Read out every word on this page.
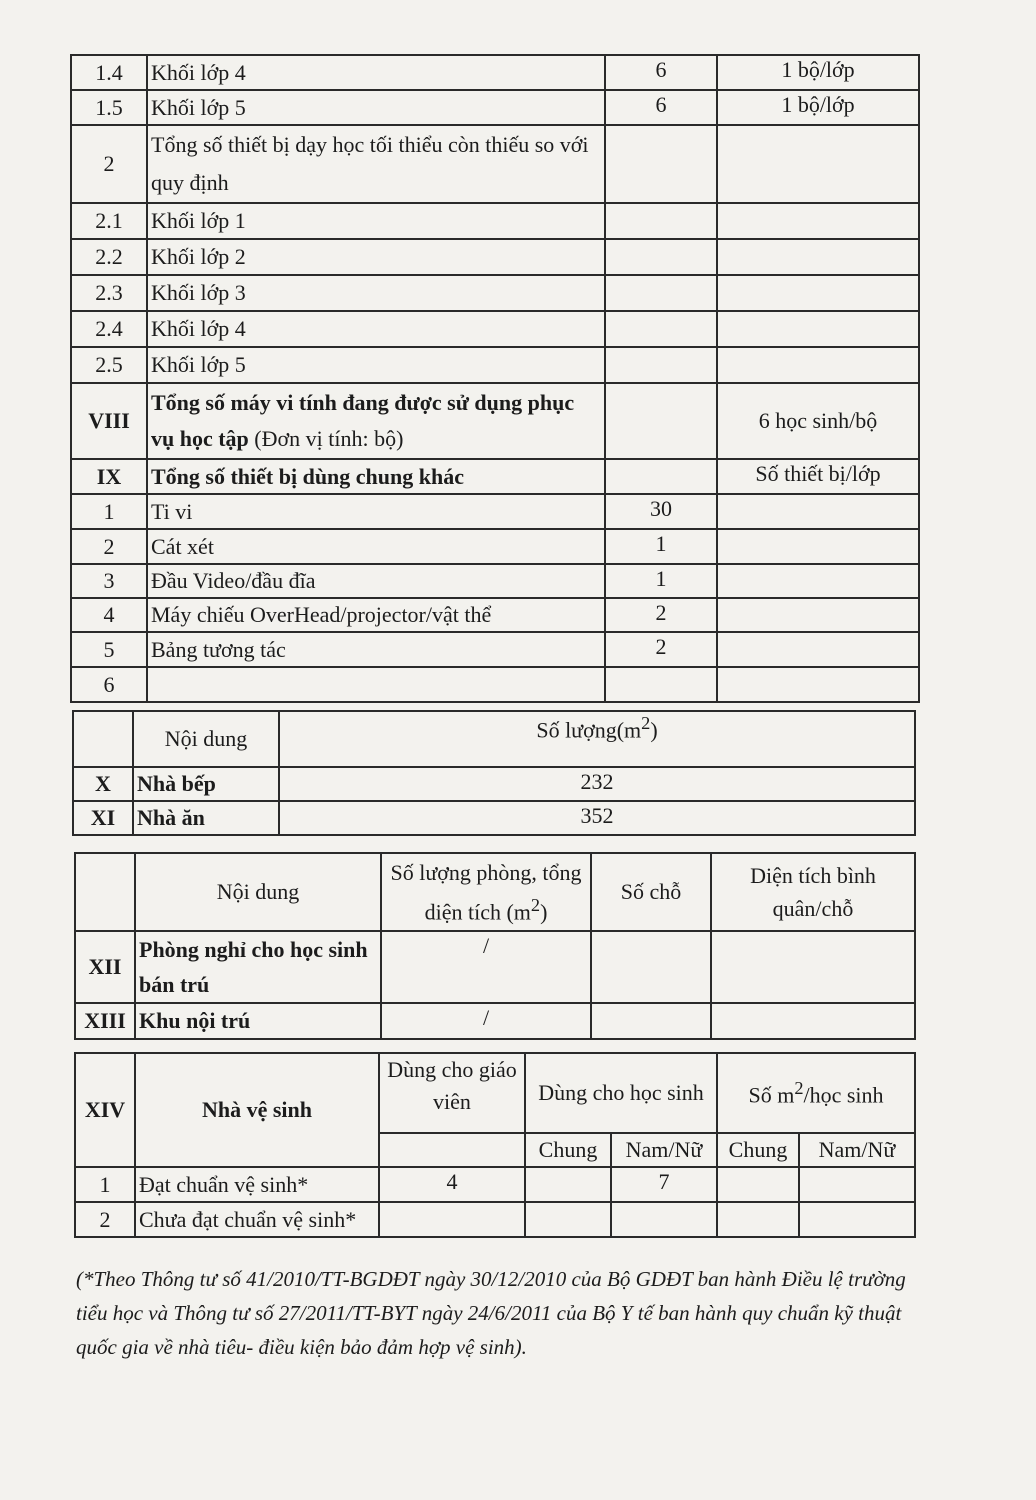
1.4	Khối lớp 4	6	1 bộ/lớp
1.5	Khối lớp 5	6	1 bộ/lớp
2	Tổng số thiết bị dạy học tối thiểu còn thiếu so với quy định		
2.1	Khối lớp 1		
2.2	Khối lớp 2		
2.3	Khối lớp 3		
2.4	Khối lớp 4		
2.5	Khối lớp 5		
VIII	Tổng số máy vi tính đang được sử dụng phục vụ học tập (Đơn vị tính: bộ)		6 học sinh/bộ
IX	Tổng số thiết bị dùng chung khác		Số thiết bị/lớp
1	Ti vi	30	
2	Cát xét	1	
3	Đầu Video/đầu đĩa	1	
4	Máy chiếu OverHead/projector/vật thể	2	
5	Bảng tương tác	2	
6			
	Nội dung	Số $lượng(m^2)$
X	Nhà bếp	232
XI	Nhà ăn	352
	Nội dung	Số lượng phòng, tổng diện tích $(m^2)$	Số chỗ	Diện tích bình quân/chỗ
XII	Phòng nghỉ cho học sinh bán trú	/		
XIII	Khu nội trú	/		
XIV	Nhà vệ sinh	Dùng cho giáo viên	Dùng cho học sinh		Số $m^2$/học sinh	
			Chung	Nam/Nữ	Chung	Nam/Nữ
1	Đạt chuẩn vệ sinh*	4		7		
2	Chưa đạt chuẩn vệ sinh*					
(*Theo Thông tư số 41/2010/TT-BGDĐT ngày 30/12/2010 của Bộ GDĐT ban hành Điều lệ trường tiểu học và Thông tư số 27/2011/TT-BYT ngày 24/6/2011 của Bộ Y tế ban hành quy chuẩn kỹ thuật quốc gia về nhà tiêu- điều kiện bảo đảm hợp vệ sinh).
